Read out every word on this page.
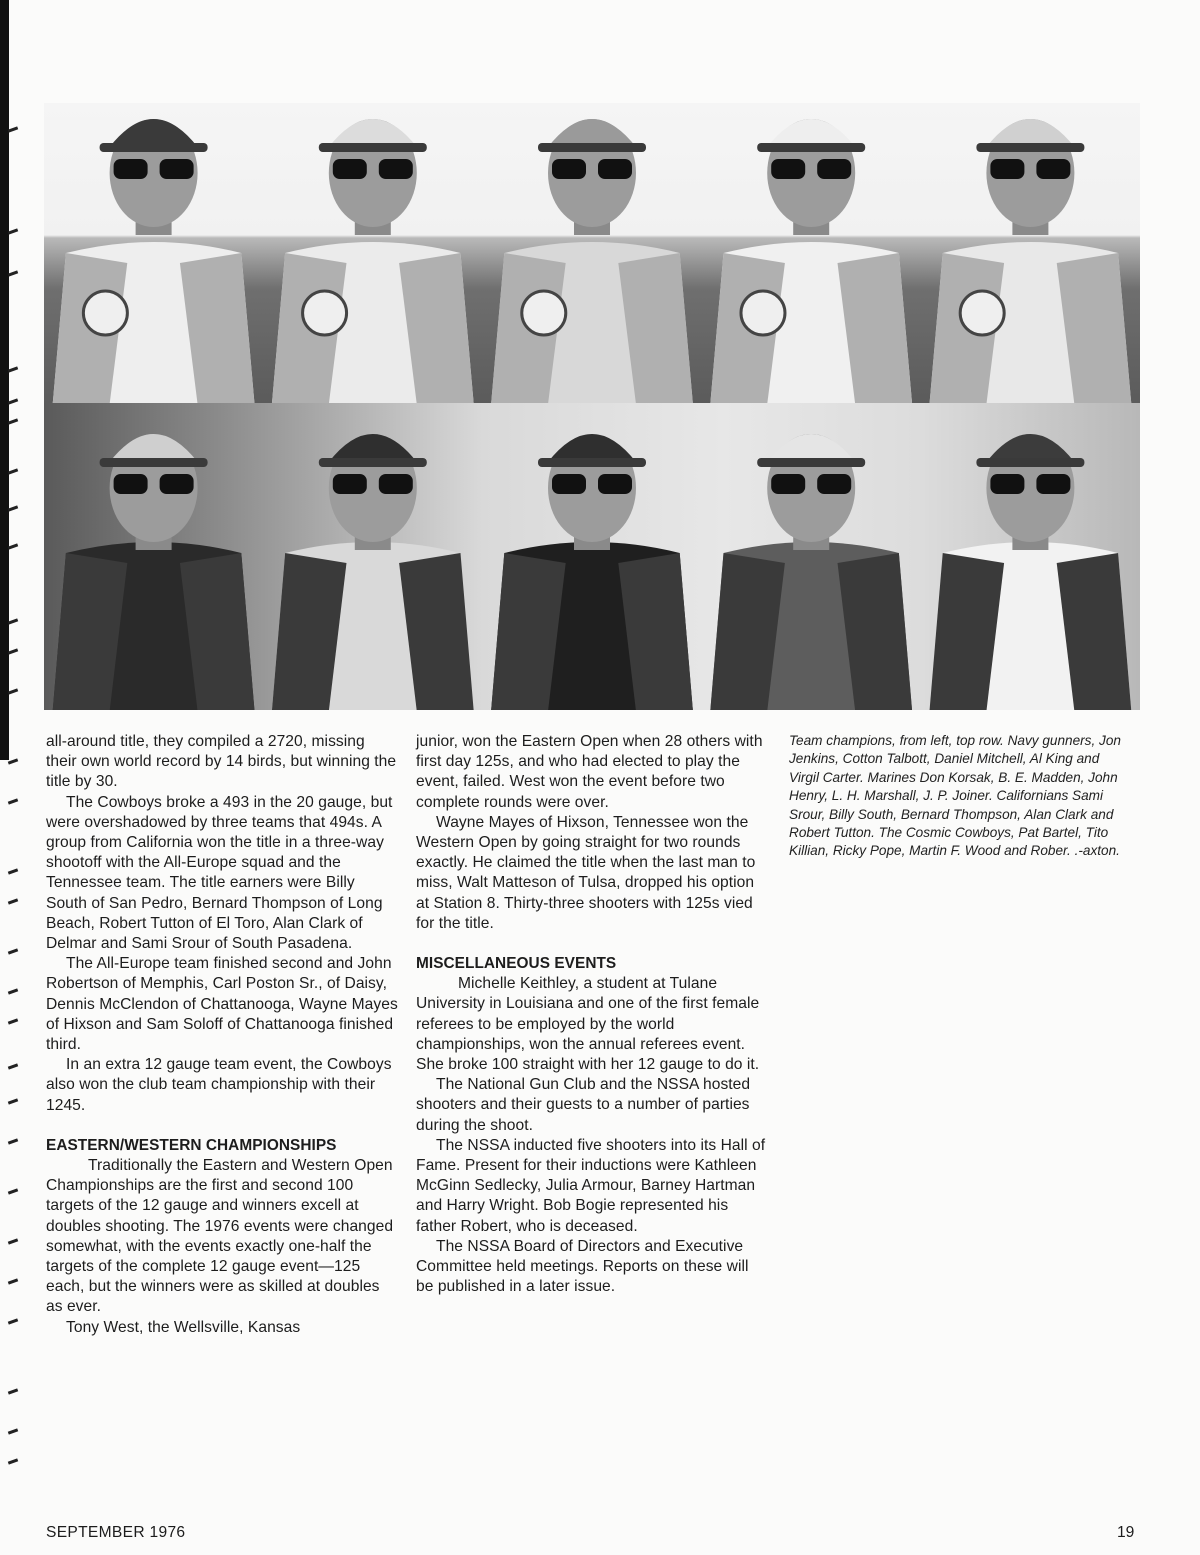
all-around title, they compiled a 2720, missing their own world record by 14 birds, but winning the title by 30.

The Cowboys broke a 493 in the 20 gauge, but were overshadowed by three teams that 494s. A group from California won the title in a three-way shootoff with the All-Europe squad and the Tennessee team. The title earners were Billy South of San Pedro, Bernard Thompson of Long Beach, Robert Tutton of El Toro, Alan Clark of Delmar and Sami Srour of South Pasadena.

The All-Europe team finished second and John Robertson of Memphis, Carl Poston Sr., of Daisy, Dennis McClendon of Chattanooga, Wayne Mayes of Hixson and Sam Soloff of Chattanooga finished third.

In an extra 12 gauge team event, the Cowboys also won the club team championship with their 1245.

EASTERN/WESTERN CHAMPIONSHIPS

Traditionally the Eastern and Western Open Championships are the first and second 100 targets of the 12 gauge and winners excell at doubles shooting. The 1976 events were changed somewhat, with the events exactly one-half the targets of the complete 12 gauge event—125 each, but the winners were as skilled at doubles as ever.

Tony West, the Wellsville, Kansas

junior, won the Eastern Open when 28 others with first day 125s, and who had elected to play the event, failed. West won the event before two complete rounds were over.

Wayne Mayes of Hixson, Tennessee won the Western Open by going straight for two rounds exactly. He claimed the title when the last man to miss, Walt Matteson of Tulsa, dropped his option at Station 8. Thirty-three shooters with 125s vied for the title.

MISCELLANEOUS EVENTS

Michelle Keithley, a student at Tulane University in Louisiana and one of the first female referees to be employed by the world championships, won the annual referees event. She broke 100 straight with her 12 gauge to do it.

The National Gun Club and the NSSA hosted shooters and their guests to a number of parties during the shoot.

The NSSA inducted five shooters into its Hall of Fame. Present for their inductions were Kathleen McGinn Sedlecky, Julia Armour, Barney Hartman and Harry Wright. Bob Bogie represented his father Robert, who is deceased.

The NSSA Board of Directors and Executive Committee held meetings. Reports on these will be published in a later issue.

Team champions, from left, top row. Navy gunners, Jon Jenkins, Cotton Talbott, Daniel Mitchell, Al King and Virgil Carter. Marines Don Korsak, B. E. Madden, John Henry, L. H. Marshall, J. P. Joiner. Californians Sami Srour, Billy South, Bernard Thompson, Alan Clark and Robert Tutton. The Cosmic Cowboys, Pat Bartel, Tito Killian, Ricky Pope, Martin F. Wood and Rober. .-axton.
SEPTEMBER 1976	19
